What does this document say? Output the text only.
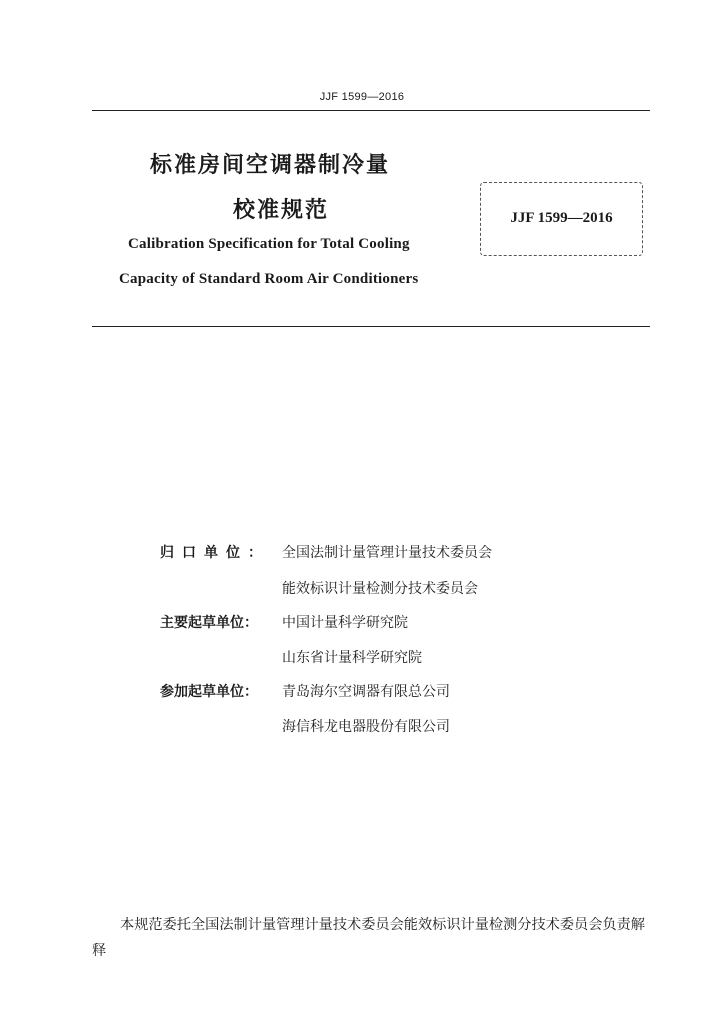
JJF 1599—2016
标准房间空调器制冷量
校准规范
Calibration Specification for Total Cooling
Capacity of Standard Room Air Conditioners
JJF 1599—2016
归口单位： 全国法制计量管理计量技术委员会
能效标识计量检测分技术委员会
主要起草单位：	中国计量科学研究院
山东省计量科学研究院
参加起草单位：	青岛海尔空调器有限总公司
海信科龙电器股份有限公司
本规范委托全国法制计量管理计量技术委员会能效标识计量检测分技术委员会负责解释
